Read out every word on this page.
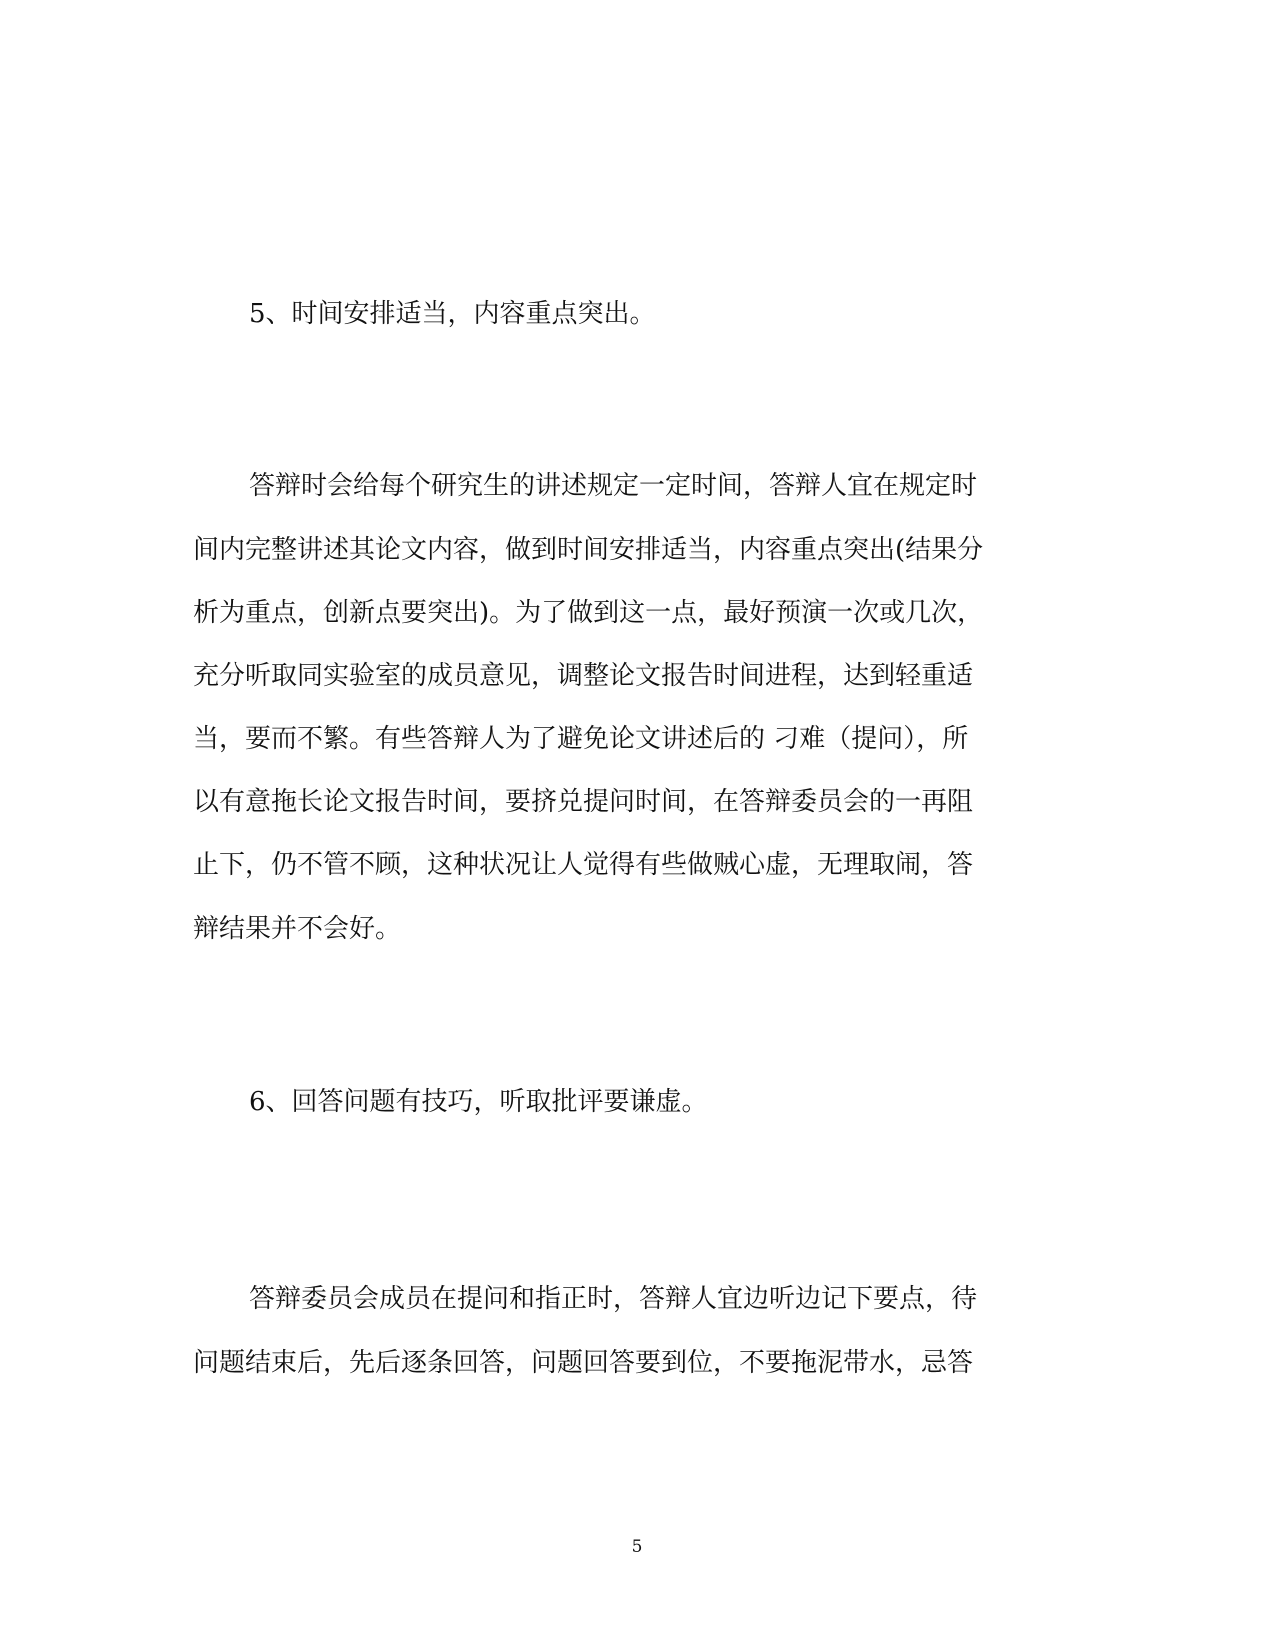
5、时间安排适当，内容重点突出。
答辩时会给每个研究生的讲述规定一定时间，答辩人宜在规定时
间内完整讲述其论文内容，做到时间安排适当，内容重点突出(结果分
析为重点，创新点要突出)。为了做到这一点，最好预演一次或几次，
充分听取同实验室的成员意见，调整论文报告时间进程，达到轻重适
当，要而不繁。有些答辩人为了避免论文讲述后的 刁难（提问），所
以有意拖长论文报告时间，要挤兑提问时间，在答辩委员会的一再阻
止下，仍不管不顾，这种状况让人觉得有些做贼心虚，无理取闹，答
辩结果并不会好。
6、回答问题有技巧，听取批评要谦虚。
答辩委员会成员在提问和指正时，答辩人宜边听边记下要点，待
问题结束后，先后逐条回答，问题回答要到位，不要拖泥带水，忌答
5
